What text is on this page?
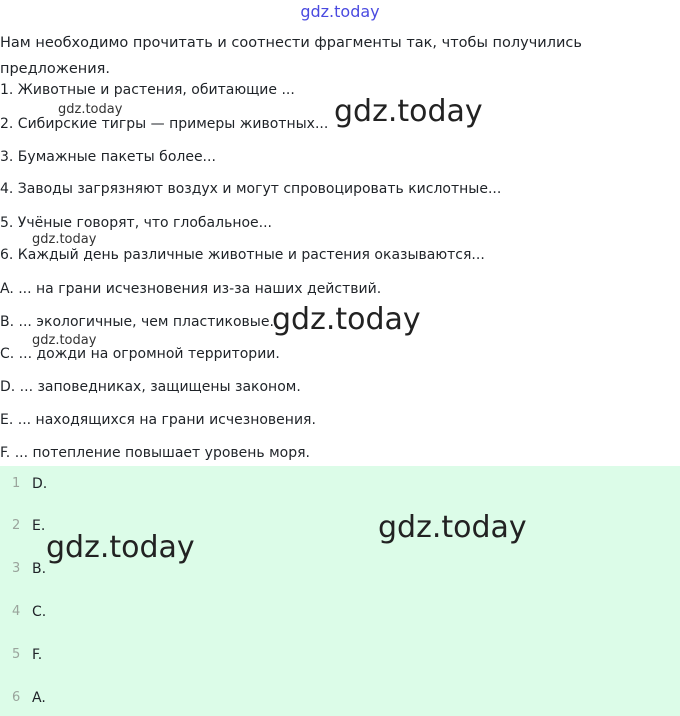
gdz.today
Нам необходимо прочитать и соотнести фрагменты так, чтобы получились предложения.
1. Животные и растения, обитающие ...
2. Сибирские тигры — примеры животных...
3. Бумажные пакеты более...
4. Заводы загрязняют воздух и могут спровоцировать кислотные...
5. Учёные говорят, что глобальное...
6. Каждый день различные животные и растения оказываются...
A. ... на грани исчезновения из-за наших действий.
B. ... экологичные, чем пластиковые.
C. ... дожди на огромной территории.
D. ... заповедниках, защищены законом.
E. ... находящихся на грани исчезновения.
F. ... потепление повышает уровень моря.
1 D.
2 E.
3 B.
4 C.
5 F.
6 A.
gdz.today	gdz.today
gdz.today
gdz.today
gdz.today
gdz.today
gdz.today
